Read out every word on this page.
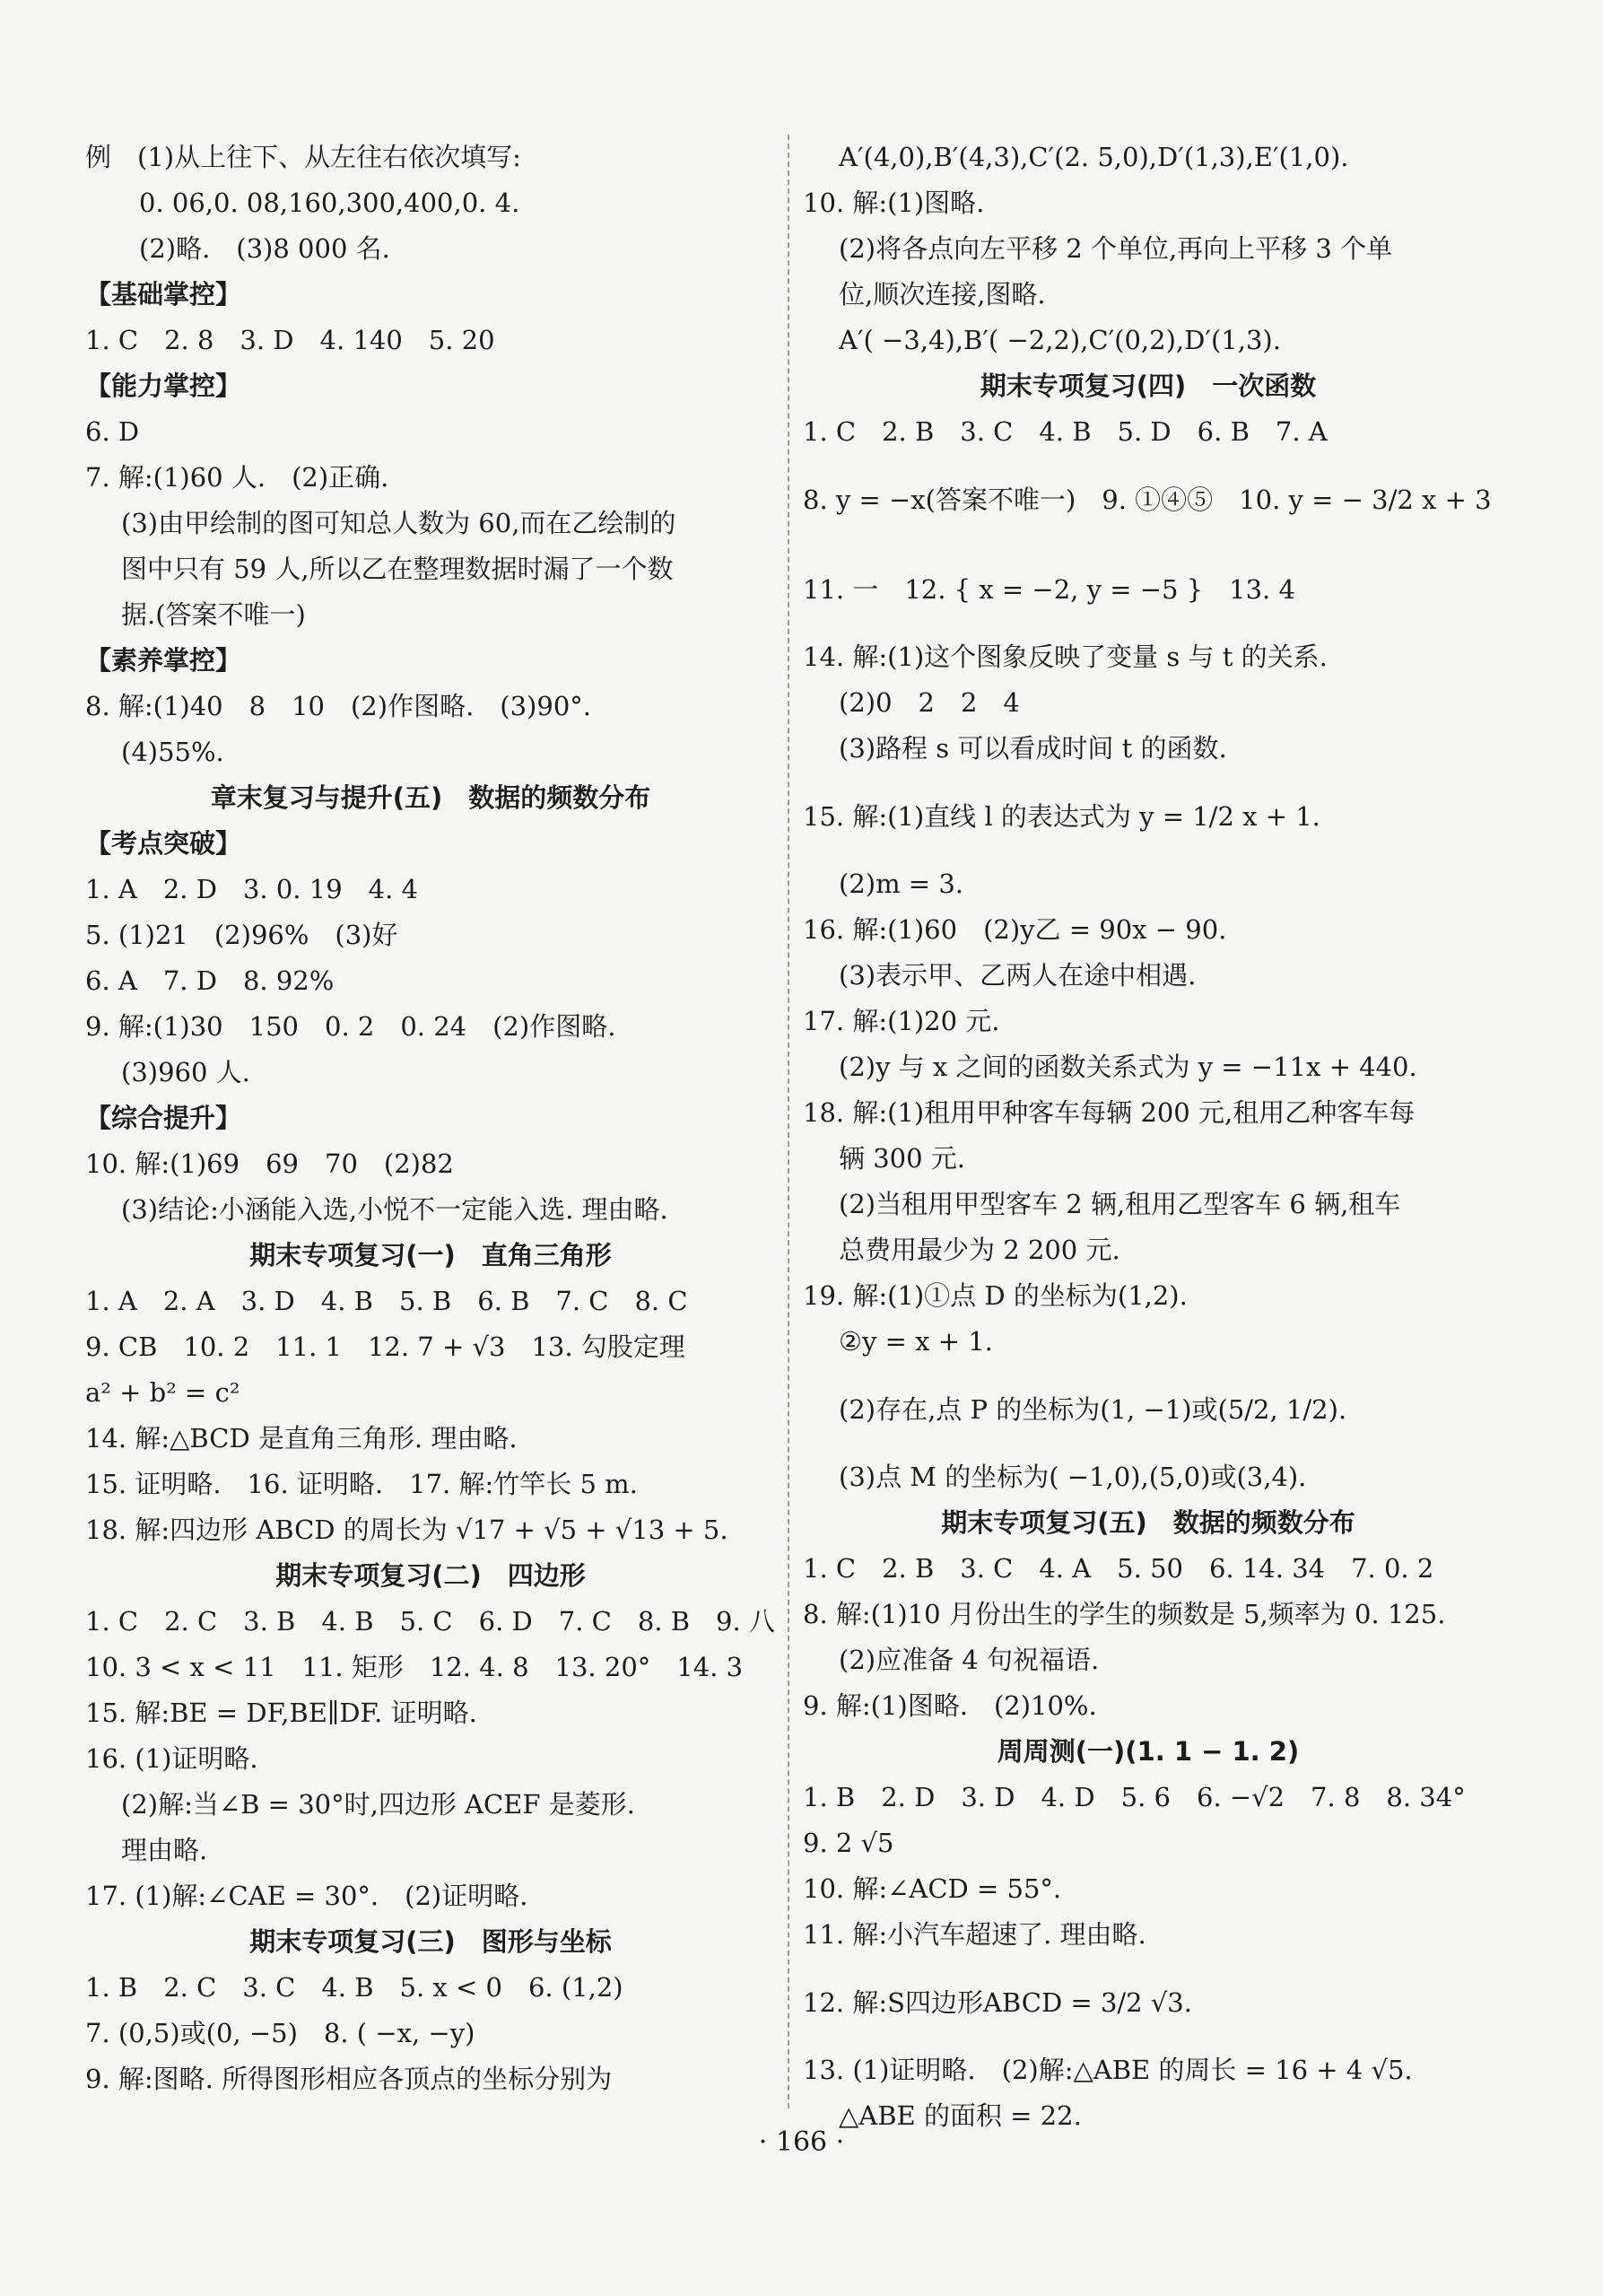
例　(1)从上往下、从左往右依次填写:
0. 06,0. 08,160,300,400,0. 4.
(2)略.　(3)8 000 名.
【基础掌控】
1. C　2. 8　3. D　4. 140　5. 20
【能力掌控】
6. D
7. 解:(1)60 人.　(2)正确.
(3)由甲绘制的图可知总人数为 60,而在乙绘制的
图中只有 59 人,所以乙在整理数据时漏了一个数
据.(答案不唯一)
【素养掌控】
8. 解:(1)40　8　10　(2)作图略.　(3)90°.
(4)55%.
章末复习与提升(五)　数据的频数分布
【考点突破】
1. A　2. D　3. 0. 19　4. 4
5. (1)21　(2)96%　(3)好
6. A　7. D　8. 92%
9. 解:(1)30　150　0. 2　0. 24　(2)作图略.
(3)960 人.
【综合提升】
10. 解:(1)69　69　70　(2)82
(3)结论:小涵能入选,小悦不一定能入选. 理由略.
期末专项复习(一)　直角三角形
1. A　2. A　3. D　4. B　5. B　6. B　7. C　8. C
9. CB　10. 2　11. 1　12. 7 + √3　13. 勾股定理
a² + b² = c²
14. 解:△BCD 是直角三角形. 理由略.
15. 证明略.　16. 证明略.　17. 解:竹竿长 5 m.
18. 解:四边形 ABCD 的周长为 √17 + √5 + √13 + 5.
期末专项复习(二)　四边形
1. C　2. C　3. B　4. B　5. C　6. D　7. C　8. B　9. 八
10. 3 < x < 11　11. 矩形　12. 4. 8　13. 20°　14. 3
15. 解:BE = DF,BE∥DF. 证明略.
16. (1)证明略.
(2)解:当∠B = 30°时,四边形 ACEF 是菱形.
理由略.
17. (1)解:∠CAE = 30°.　(2)证明略.
期末专项复习(三)　图形与坐标
1. B　2. C　3. C　4. B　5. x < 0　6. (1,2)
7. (0,5)或(0, −5)　8. ( −x, −y)
9. 解:图略. 所得图形相应各顶点的坐标分别为
A′(4,0),B′(4,3),C′(2. 5,0),D′(1,3),E′(1,0).
10. 解:(1)图略.
(2)将各点向左平移 2 个单位,再向上平移 3 个单
位,顺次连接,图略.
A′( −3,4),B′( −2,2),C′(0,2),D′(1,3).
期末专项复习(四)　一次函数
1. C　2. B　3. C　4. B　5. D　6. B　7. A
8. y = −x(答案不唯一)　9. ①④⑤　10. y = − 3/2 x + 3
11. 一　12. { x = −2, y = −5 }　13. 4
14. 解:(1)这个图象反映了变量 s 与 t 的关系.
(2)0　2　2　4
(3)路程 s 可以看成时间 t 的函数.
15. 解:(1)直线 l 的表达式为 y = 1/2 x + 1.
(2)m = 3.
16. 解:(1)60　(2)y乙 = 90x − 90.
(3)表示甲、乙两人在途中相遇.
17. 解:(1)20 元.
(2)y 与 x 之间的函数关系式为 y = −11x + 440.
18. 解:(1)租用甲种客车每辆 200 元,租用乙种客车每
辆 300 元.
(2)当租用甲型客车 2 辆,租用乙型客车 6 辆,租车
总费用最少为 2 200 元.
19. 解:(1)①点 D 的坐标为(1,2).
②y = x + 1.
(2)存在,点 P 的坐标为(1, −1)或(5/2, 1/2).
(3)点 M 的坐标为( −1,0),(5,0)或(3,4).
期末专项复习(五)　数据的频数分布
1. C　2. B　3. C　4. A　5. 50　6. 14. 34　7. 0. 2
8. 解:(1)10 月份出生的学生的频数是 5,频率为 0. 125.
(2)应准备 4 句祝福语.
9. 解:(1)图略.　(2)10%.
周周测(一)(1. 1 − 1. 2)
1. B　2. D　3. D　4. D　5. 6　6. −√2　7. 8　8. 34°
9. 2 √5
10. 解:∠ACD = 55°.
11. 解:小汽车超速了. 理由略.
12. 解:S四边形ABCD = 3/2 √3.
13. (1)证明略.　(2)解:△ABE 的周长 = 16 + 4 √5.
△ABE 的面积 = 22.
· 166 ·
